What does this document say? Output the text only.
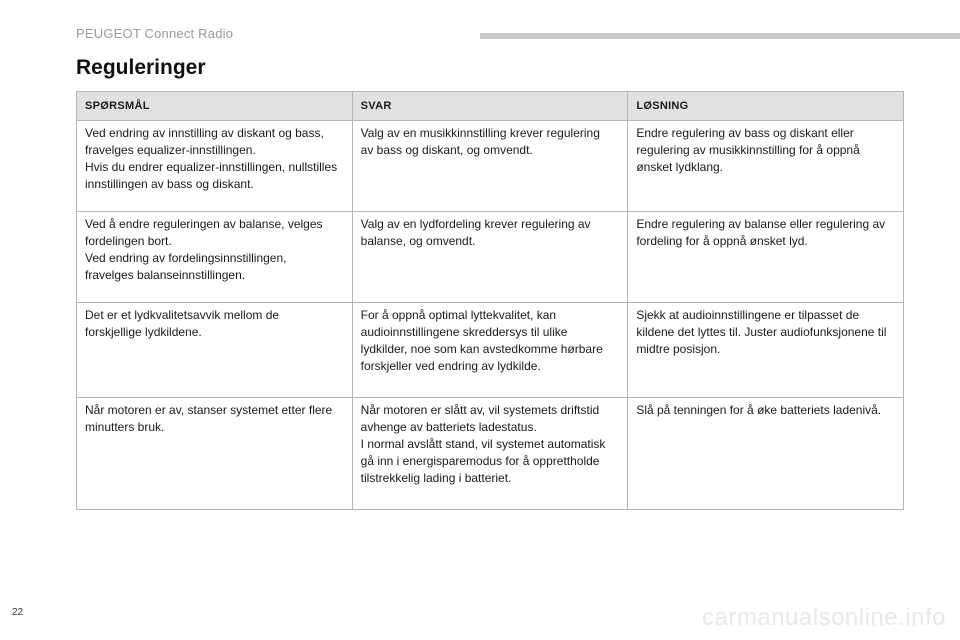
PEUGEOT Connect Radio
Reguleringer
SPØRSMÅL	SVAR	LØSNING

Ved endring av innstilling av diskant og bass,
fravelges equalizer-innstillingen.
Hvis du endrer equalizer-innstillingen, nullstilles
innstillingen av bass og diskant.	Valg av en musikkinnstilling krever regulering
av bass og diskant, og omvendt.	Endre regulering av bass og diskant eller
regulering av musikkinnstilling for å oppnå
ønsket lydklang.

Ved å endre reguleringen av balanse, velges
fordelingen bort.
Ved endring av fordelingsinnstillingen,
fravelges balanseinnstillingen.	Valg av en lydfordeling krever regulering av
balanse, og omvendt.	Endre regulering av balanse eller regulering av
fordeling for å oppnå ønsket lyd.

Det er et lydkvalitetsavvik mellom de
forskjellige lydkildene.	For å oppnå optimal lyttekvalitet, kan
audioinnstillingene skreddersys til ulike
lydkilder, noe som kan avstedkomme hørbare
forskjeller ved endring av lydkilde.	Sjekk at audioinnstillingene er tilpasset de
kildene det lyttes til. Juster audiofunksjonene til
midtre posisjon.

Når motoren er av, stanser systemet etter flere
minutters bruk.	Når motoren er slått av, vil systemets driftstid
avhenge av batteriets ladestatus.
I normal avslått stand, vil systemet automatisk
gå inn i energisparemodus for å opprettholde
tilstrekkelig lading i batteriet.	Slå på tenningen for å øke batteriets ladenivå.
22	carmanualsonline.info
